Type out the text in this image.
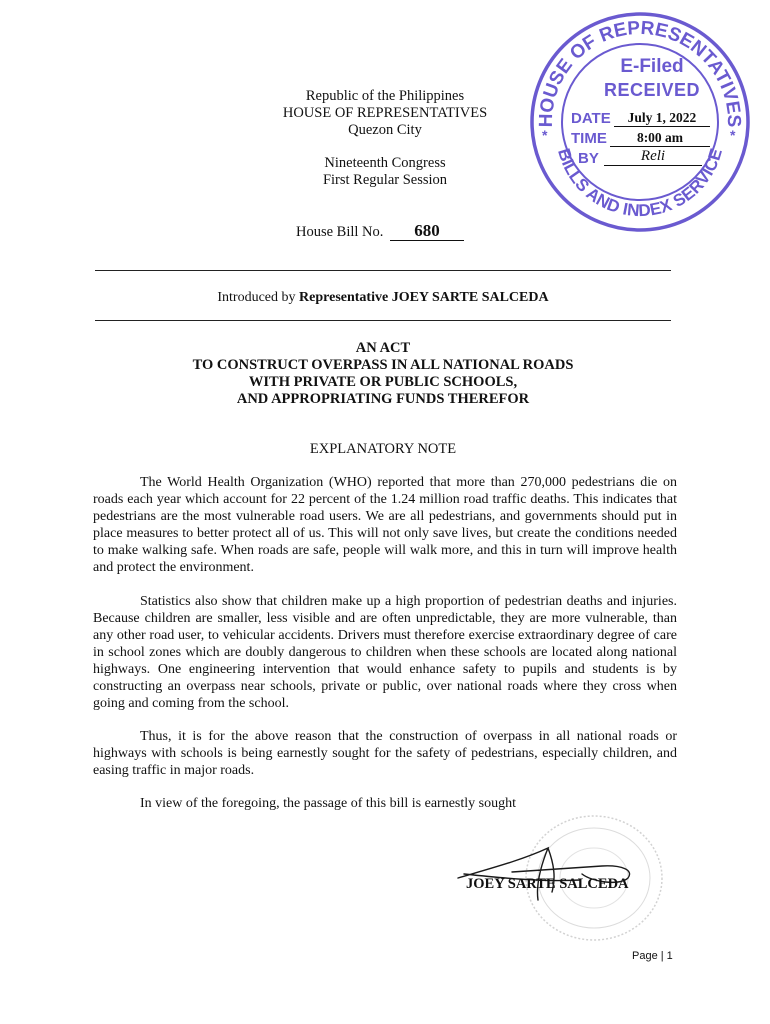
Republic of the Philippines
HOUSE OF REPRESENTATIVES
Quezon City
Nineteenth Congress
First Regular Session
House Bill No. 680
Introduced by Representative JOEY SARTE SALCEDA
AN ACT
TO CONSTRUCT OVERPASS IN ALL NATIONAL ROADS
WITH PRIVATE OR PUBLIC SCHOOLS,
AND APPROPRIATING FUNDS THEREFOR
EXPLANATORY NOTE
The World Health Organization (WHO) reported that more than 270,000 pedestrians die on roads each year which account for 22 percent of the 1.24 million road traffic deaths. This indicates that pedestrians are the most vulnerable road users. We are all pedestrians, and governments should put in place measures to better protect all of us. This will not only save lives, but create the conditions needed to make walking safe. When roads are safe, people will walk more, and this in turn will improve health and protect the environment.
Statistics also show that children make up a high proportion of pedestrian deaths and injuries. Because children are smaller, less visible and are often unpredictable, they are more vulnerable, than any other road user, to vehicular accidents. Drivers must therefore exercise extraordinary degree of care in school zones which are doubly dangerous to children when these schools are located along national highways. One engineering intervention that would enhance safety to pupils and students is by constructing an overpass near schools, private or public, over national roads where they cross when going and coming from the school.
Thus, it is for the above reason that the construction of overpass in all national roads or highways with schools is being earnestly sought for the safety of pedestrians, especially children, and easing traffic in major roads.
In view of the foregoing, the passage of this bill is earnestly sought
JOEY SARTE SALCEDA
Page | 1
HOUSE OF REPRESENTATIVES
BILLS AND INDEX SERVICE
*	*
E-Filed
RECEIVED
DATE	July 1, 2022
TIME	8:00 am
BY	Reli
